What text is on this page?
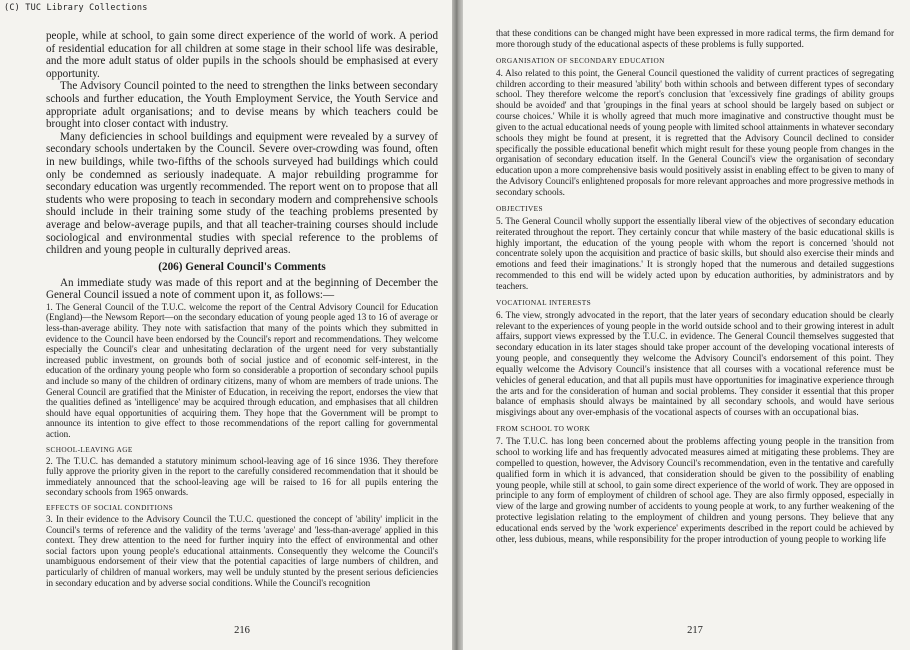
(C) TUC Library Collections

people, while at school, to gain some direct experience of the world of work. A period of residential education for all children at some stage in their school life was desirable, and the more adult status of older pupils in the schools should be emphasised at every opportunity.

The Advisory Council pointed to the need to strengthen the links between secondary schools and further education, the Youth Employment Service, the Youth Service and appropriate adult organisations; and to devise means by which teachers could be brought into closer contact with industry.

Many deficiencies in school buildings and equipment were revealed by a survey of secondary schools undertaken by the Council. Severe over-crowding was found, often in new buildings, while two-fifths of the schools surveyed had buildings which could only be condemned as seriously inadequate. A major rebuilding programme for secondary education was urgently recommended. The report went on to propose that all students who were proposing to teach in secondary modern and comprehensive schools should include in their training some study of the teaching problems presented by average and below-average pupils, and that all teacher-training courses should include sociological and environmental studies with special reference to the problems of children and young people in culturally deprived areas.

(206) General Council's Comments

An immediate study was made of this report and at the beginning of December the General Council issued a note of comment upon it, as follows:—

1. The General Council of the T.U.C. welcome the report of the Central Advisory Council for Education (England)—the Newsom Report—on the secondary education of young people aged 13 to 16 of average or less-than-average ability. They note with satisfaction that many of the points which they submitted in evidence to the Council have been endorsed by the Council's report and recommendations. They welcome especially the Council's clear and unhesitating declaration of the urgent need for very substantially increased public investment, on grounds both of social justice and of economic self-interest, in the education of the ordinary young people who form so considerable a proportion of secondary school pupils and include so many of the children of ordinary citizens, many of whom are members of trade unions. The General Council are gratified that the Minister of Education, in receiving the report, endorses the view that the qualities defined as 'intelligence' may be acquired through education, and emphasises that all children should have equal opportunities of acquiring them. They hope that the Government will be prompt to announce its intention to give effect to those recommendations of the report calling for governmental action.

SCHOOL-LEAVING AGE

2. The T.U.C. has demanded a statutory minimum school-leaving age of 16 since 1936. They therefore fully approve the priority given in the report to the carefully considered recommendation that it should be immediately announced that the school-leaving age will be raised to 16 for all pupils entering the secondary schools from 1965 onwards.

EFFECTS OF SOCIAL CONDITIONS

3. In their evidence to the Advisory Council the T.U.C. questioned the concept of 'ability' implicit in the Council's terms of reference and the validity of the terms 'average' and 'less-than-average' applied in this context. They drew attention to the need for further inquiry into the effect of environmental and other social factors upon young people's educational attainments. Consequently they welcome the Council's unambiguous endorsement of their view that the potential capacities of large numbers of children, and particularly of children of manual workers, may well be unduly stunted by the present serious deficiencies in secondary education and by adverse social conditions. While the Council's recognition

216

that these conditions can be changed might have been expressed in more radical terms, the firm demand for more thorough study of the educational aspects of these problems is fully supported.

ORGANISATION OF SECONDARY EDUCATION

4. Also related to this point, the General Council questioned the validity of current practices of segregating children according to their measured 'ability' both within schools and between different types of secondary school. They therefore welcome the report's conclusion that 'excessively fine gradings of ability groups should be avoided' and that 'groupings in the final years at school should be largely based on subject or course choices.' While it is wholly agreed that much more imaginative and constructive thought must be given to the actual educational needs of young people with limited school attainments in whatever secondary schools they might be found at present, it is regretted that the Advisory Council declined to consider specifically the possible educational benefit which might result for these young people from changes in the organisation of secondary education itself. In the General Council's view the organisation of secondary education upon a more comprehensive basis would positively assist in enabling effect to be given to many of the Advisory Council's enlightened proposals for more relevant approaches and more progressive methods in secondary schools.

OBJECTIVES

5. The General Council wholly support the essentially liberal view of the objectives of secondary education reiterated throughout the report. They certainly concur that while mastery of the basic educational skills is highly important, the education of the young people with whom the report is concerned 'should not concentrate solely upon the acquisition and practice of basic skills, but should also exercise their minds and emotions and feed their imaginations.' It is strongly hoped that the numerous and detailed suggestions recommended to this end will be widely acted upon by education authorities, by administrators and by teachers.

VOCATIONAL INTERESTS

6. The view, strongly advocated in the report, that the later years of secondary education should be clearly relevant to the experiences of young people in the world outside school and to their growing interest in adult affairs, support views expressed by the T.U.C. in evidence. The General Council themselves suggested that secondary education in its later stages should take proper account of the developing vocational interests of young people, and consequently they welcome the Advisory Council's endorsement of this point. They equally welcome the Advisory Council's insistence that all courses with a vocational reference must be vehicles of general education, and that all pupils must have opportunities for imaginative experience through the arts and for the consideration of human and social problems. They consider it essential that this proper balance of emphasis should always be maintained by all secondary schools, and would have serious misgivings about any over-emphasis of the vocational aspects of courses with an occupational bias.

FROM SCHOOL TO WORK

7. The T.U.C. has long been concerned about the problems affecting young people in the transition from school to working life and has frequently advocated measures aimed at mitigating these problems. They are compelled to question, however, the Advisory Council's recommendation, even in the tentative and carefully qualified form in which it is advanced, that consideration should be given to the possibility of enabling young people, while still at school, to gain some direct experience of the world of work. They are opposed in principle to any form of employment of children of school age. They are also firmly opposed, especially in view of the large and growing number of accidents to young people at work, to any further weakening of the protective legislation relating to the employment of children and young persons. They believe that any educational ends served by the 'work experience' experiments described in the report could be achieved by other, less dubious, means, while responsibility for the proper introduction of young people to working life

217
